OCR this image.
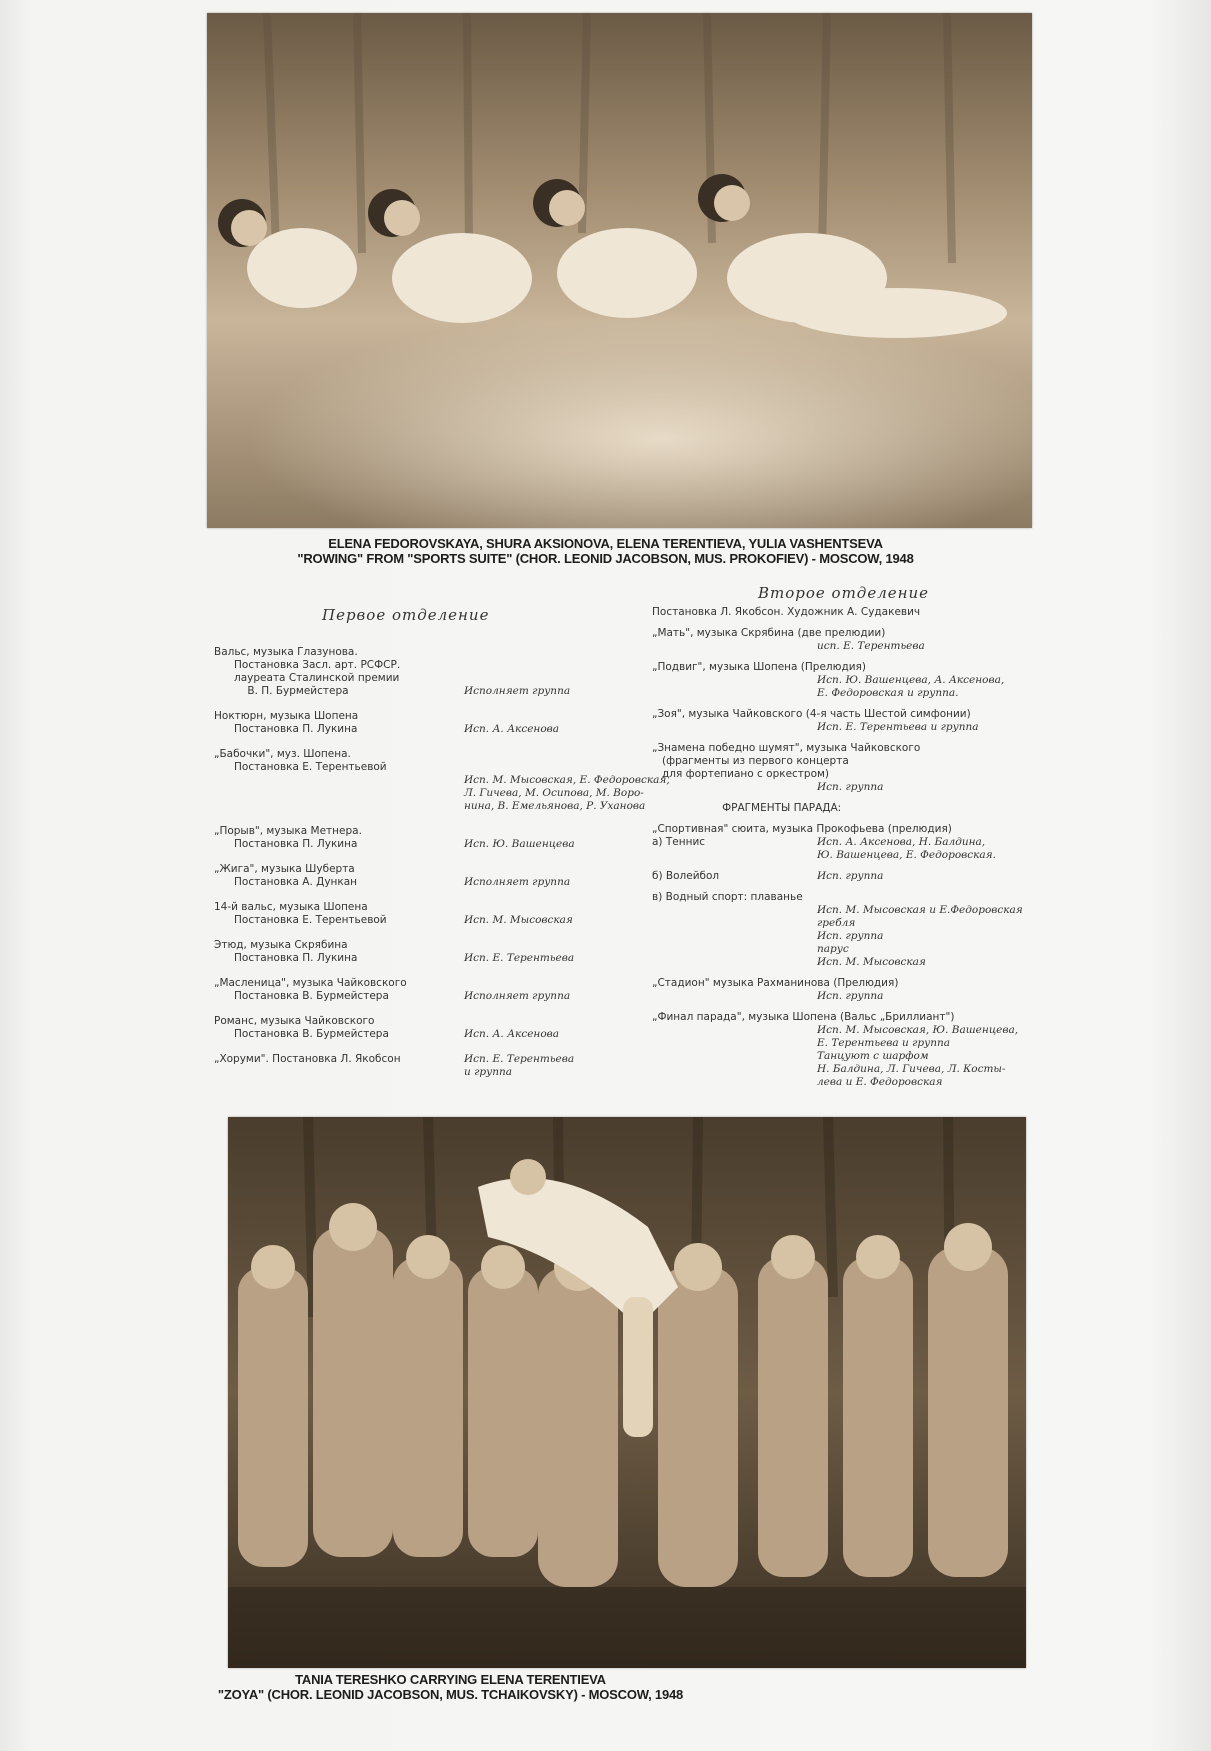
ELENA FEDOROVSKAYA, SHURA AKSIONOVA, ELENA TERENTIEVA, YULIA VASHENTSEVA
"ROWING" FROM "SPORTS SUITE" (CHOR. LEONID JACOBSON, MUS. PROKOFIEV) - MOSCOW, 1948
Первое отделение
Второе отделение
Вальс, музыка Глазунова.
Постановка Засл. арт. РСФСР.
лауреата Сталинской премии
В. П. Бурмейстера	Исполняет группа
Ноктюрн, музыка Шопена
Постановка П. Лукина	Исп. А. Аксенова
„Бабочки", муз. Шопена.
Постановка Е. Терентьевой
Исп. М. Мысовская, Е. Федоровская,
Л. Гичева, М. Осипова, М. Воро-
нина, В. Емельянова, Р. Уханова
„Порыв", музыка Метнера.
Постановка П. Лукина	Исп. Ю. Вашенцева
„Жига", музыка Шуберта
Постановка А. Дункан	Исполняет группа
14-й вальс, музыка Шопена
Постановка Е. Терентьевой	Исп. М. Мысовская
Этюд, музыка Скрябина
Постановка П. Лукина	Исп. Е. Терентьева
„Масленица", музыка Чайковского
Постановка В. Бурмейстера	Исполняет группа
Романс, музыка Чайковского
Постановка В. Бурмейстера	Исп. А. Аксенова
„Хоруми". Постановка Л. Якобсон	Исп. Е. Терентьева
и группа
Постановка Л. Якобсон. Художник А. Судакевич
„Мать", музыка Скрябина (две прелюдии)
исп. Е. Терентьева
„Подвиг", музыка Шопена (Прелюдия)
Исп. Ю. Вашенцева, А. Аксенова,
Е. Федоровская и группа.
„Зоя", музыка Чайковского (4-я часть Шестой симфонии)
Исп. Е. Терентьева и группа
„Знамена победно шумят", музыка Чайковского
(фрагменты из первого концерта
для фортепиано с оркестром)
Исп. группа
ФРАГМЕНТЫ ПАРАДА:
„Спортивная" сюита, музыка Прокофьева (прелюдия)
а) Теннис	Исп. А. Аксенова, Н. Балдина,
Ю. Вашенцева, Е. Федоровская.
б) Волейбол	Исп. группа
в) Водный спорт: плаванье
Исп. М. Мысовская и Е.Федоровская
гребля
Исп. группа
парус
Исп. М. Мысовская
„Стадион" музыка Рахманинова (Прелюдия)
Исп. группа
„Финал парада", музыка Шопена (Вальс „Бриллиант")
Исп. М. Мысовская, Ю. Вашенцева,
Е. Терентьева и группа
Танцуют с шарфом
Н. Балдина, Л. Гичева, Л. Косты-
лева и Е. Федоровская
TANIA TERESHKO CARRYING ELENA TERENTIEVA
"ZOYA" (CHOR. LEONID JACOBSON, MUS. TCHAIKOVSKY) - MOSCOW, 1948
